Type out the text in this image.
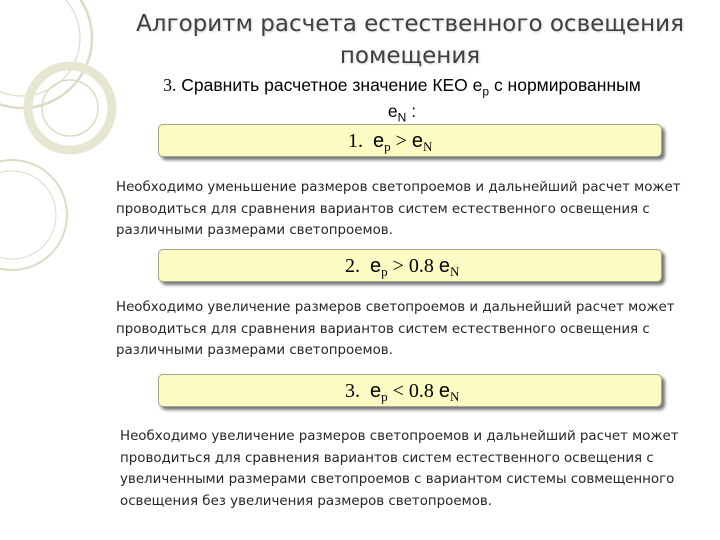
Алгоритм расчета естественного освещения
помещения
3. Сравнить расчетное значение КЕО $e_р$ с нормированным
$е_N$ :
1. $е_р > е_N$
Необходимо уменьшение размеров светопроемов и дальнейший расчет может проводиться для сравнения вариантов систем естественного освещения с различными размерами светопроемов.
2. $е_р > 0.8$ $е_N$
Необходимо увеличение размеров светопроемов и дальнейший расчет может проводиться для сравнения вариантов систем естественного освещения с различными размерами светопроемов.
3. $е_р < 0.8$ $е_N$
Необходимо увеличение размеров светопроемов и дальнейший расчет может проводиться для сравнения вариантов систем естественного освещения с увеличенными размерами светопроемов с вариантом системы совмещенного освещения без увеличения размеров светопроемов.
